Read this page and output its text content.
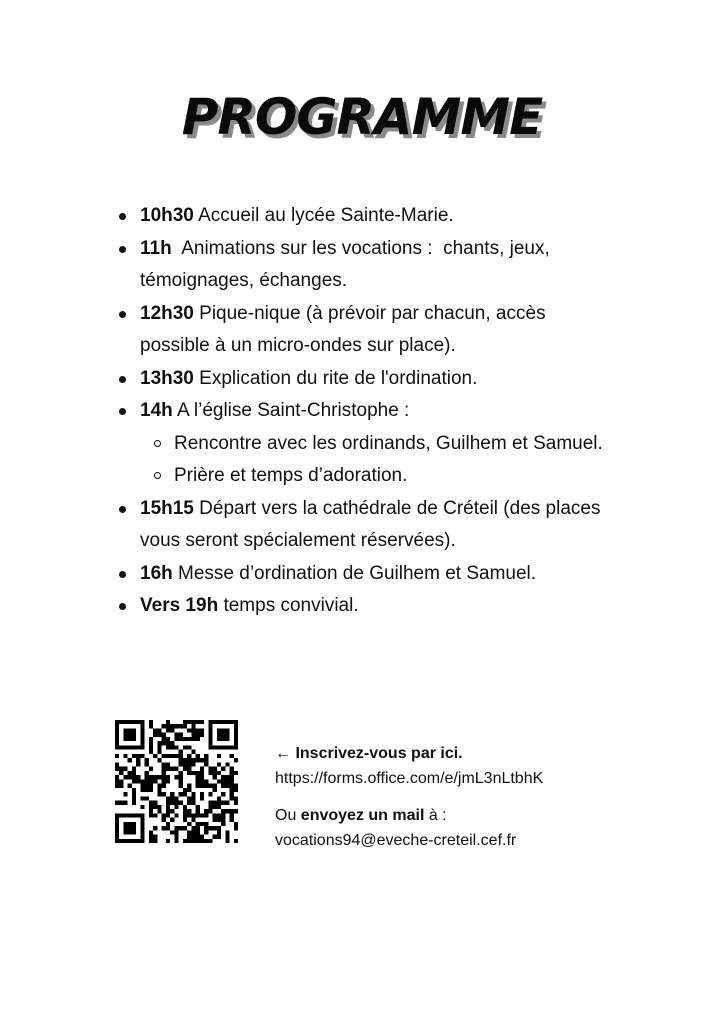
PROGRAMME
10h30 Accueil au lycée Sainte-Marie.
11h  Animations sur les vocations :  chants, jeux, témoignages, échanges.
12h30 Pique-nique (à prévoir par chacun, accès possible à un micro-ondes sur place).
13h30 Explication du rite de l'ordination.
14h A l’église Saint-Christophe :
Rencontre avec les ordinands, Guilhem et Samuel.
Prière et temps d’adoration.
15h15 Départ vers la cathédrale de Créteil (des places vous seront spécialement réservées).
16h Messe d’ordination de Guilhem et Samuel.
Vers 19h temps convivial.
← Inscrivez-vous par ici.
https://forms.office.com/e/jmL3nLtbhK
Ou envoyez un mail à :
vocations94@eveche-creteil.cef.fr
